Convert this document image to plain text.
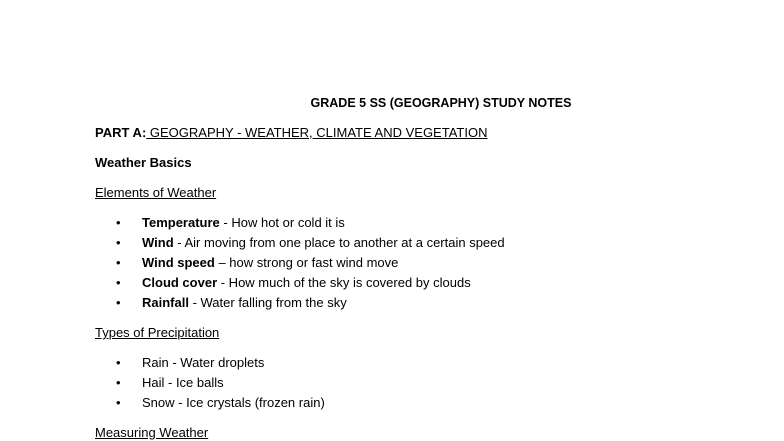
GRADE 5 SS (GEOGRAPHY) STUDY NOTES
PART A: GEOGRAPHY - WEATHER, CLIMATE AND VEGETATION
Weather Basics
Elements of Weather
• Temperature - How hot or cold it is
• Wind - Air moving from one place to another at a certain speed
• Wind speed – how strong or fast wind move
• Cloud cover - How much of the sky is covered by clouds
• Rainfall - Water falling from the sky
Types of Precipitation
• Rain - Water droplets
• Hail - Ice balls
• Snow - Ice crystals (frozen rain)
Measuring Weather
